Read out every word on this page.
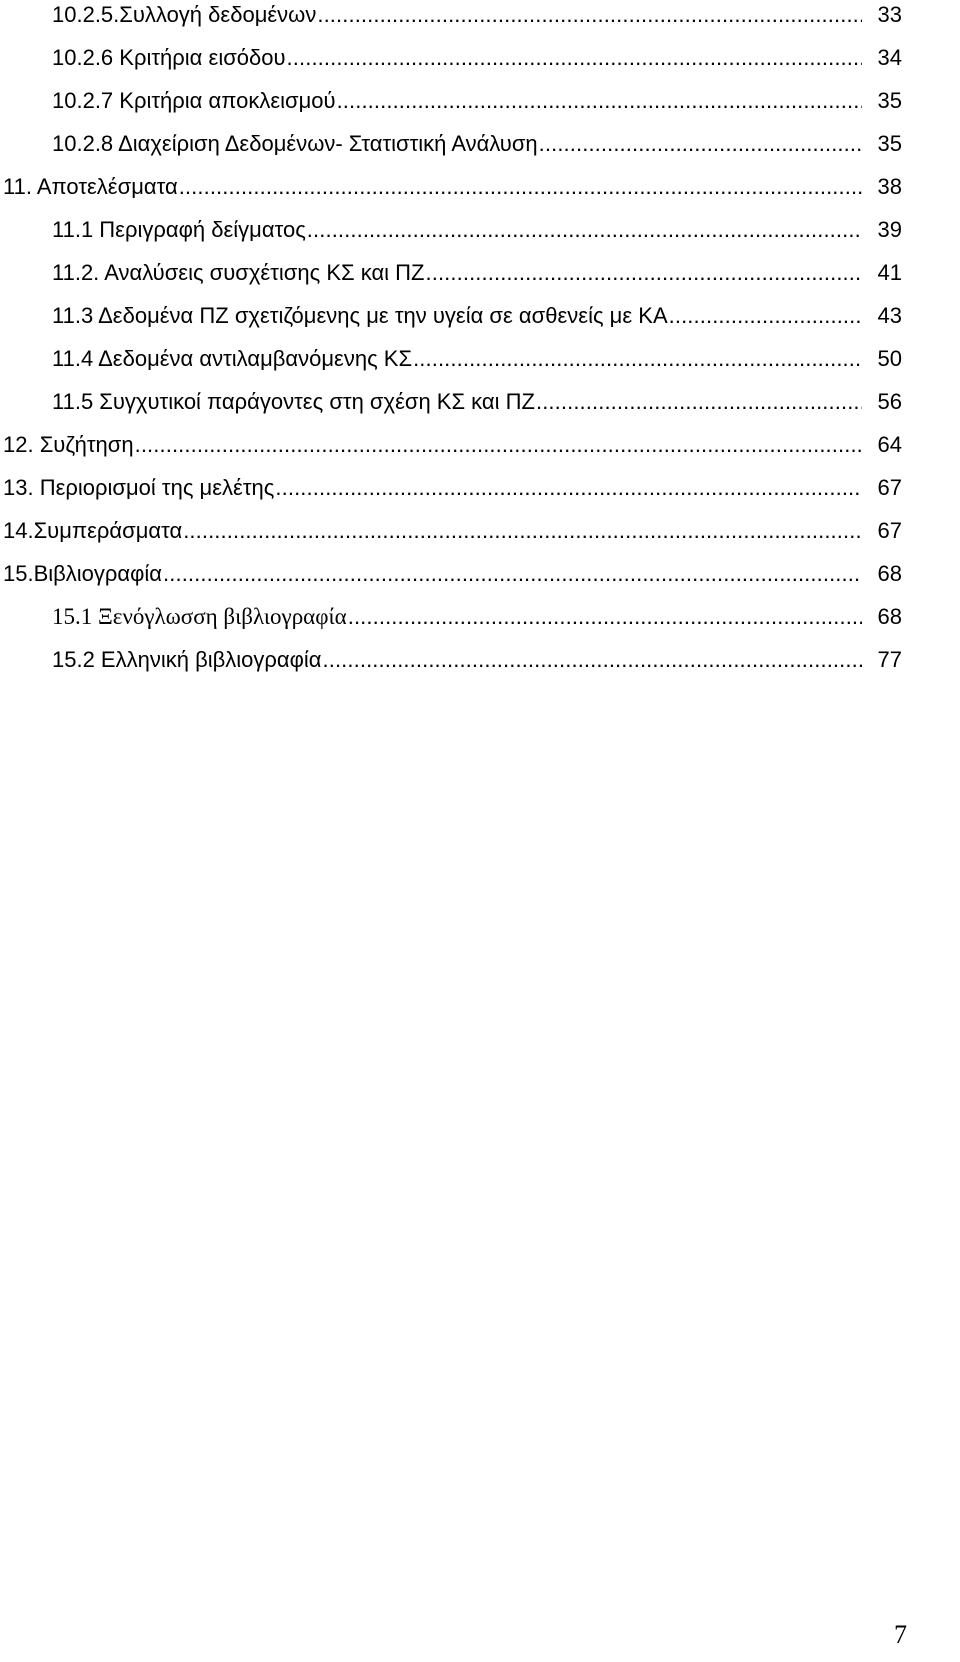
10.2.5.Συλλογή δεδομένων . . .	33
10.2.6 Κριτήρια εισόδου . . .	34
10.2.7 Κριτήρια αποκλεισμού . . .	35
10.2.8 Διαχείριση Δεδομένων- Στατιστική Ανάλυση . . .	35
11. Αποτελέσματα . . .	38
11.1 Περιγραφή δείγματος . . .	39
11.2. Αναλύσεις συσχέτισης ΚΣ και ΠΖ . . .	41
11.3 Δεδομένα ΠΖ σχετιζόμενης με την υγεία σε ασθενείς με ΚΑ . . .	43
11.4 Δεδομένα αντιλαμβανόμενης ΚΣ . . .	50
11.5 Συγχυτικοί παράγοντες στη σχέση ΚΣ και ΠΖ . . .	56
12. Συζήτηση . . .	64
13. Περιορισμοί της μελέτης . . .	67
14.Συμπεράσματα . . .	67
15.Βιβλιογραφία . . .	68
15.1 Ξενόγλωσση βιβλιογραφία . . .	68
15.2 Ελληνική βιβλιογραφία . . .	77
7
